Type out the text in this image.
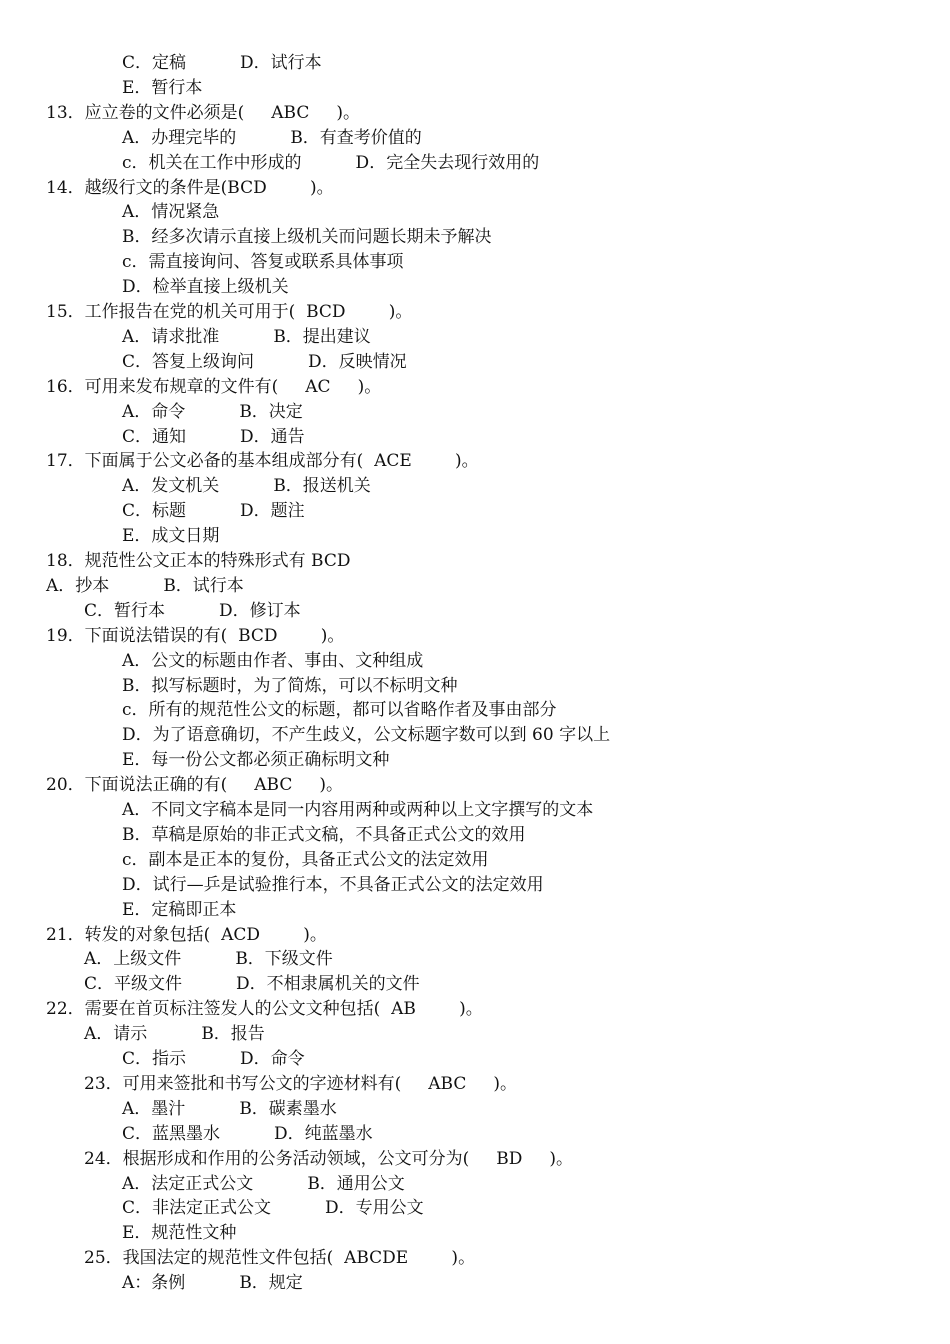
C．定稿          D．试行本
E．暂行本
13．应立卷的文件必须是(     ABC     )。
A．办理完毕的          B．有查考价值的
c．机关在工作中形成的          D．完全失去现行效用的
14．越级行文的条件是(BCD        )。
A．情况紧急
B．经多次请示直接上级机关而问题长期未予解决
c．需直接询问、答复或联系具体事项
D．检举直接上级机关
15．工作报告在党的机关可用于(  BCD        )。
A．请求批准          B．提出建议
C．答复上级询问          D．反映情况
16．可用来发布规章的文件有(     AC     )。
A．命令          B．决定
C．通知          D．通告
17．下面属于公文必备的基本组成部分有(  ACE        )。
A．发文机关          B．报送机关
C．标题          D．题注
E．成文日期
18．规范性公文正本的特殊形式有 BCD
A．抄本          B．试行本
C．暂行本          D．修订本
19．下面说法错误的有(  BCD        )。
A．公文的标题由作者、事由、文种组成
B．拟写标题时，为了简炼，可以不标明文种
c．所有的规范性公文的标题，都可以省略作者及事由部分
D．为了语意确切，不产生歧义，公文标题字数可以到 60 字以上
E．每一份公文都必须正确标明文种
20．下面说法正确的有(     ABC     )。
A．不同文字稿本是同一内容用两种或两种以上文字撰写的文本
B．草稿是原始的非正式文稿，不具备正式公文的效用
c．副本是正本的复份，具备正式公文的法定效用
D．试行—乒是试验推行本，不具备正式公文的法定效用
E．定稿即正本
21．转发的对象包括(  ACD        )。
A．上级文件          B．下级文件
C．平级文件          D．不相隶属机关的文件
22．需要在首页标注签发人的公文文种包括(  AB        )。
A．请示          B．报告
C．指示          D．命令
23．可用来签批和书写公文的字迹材料有(     ABC     )。
A．墨汁          B．碳素墨水
C．蓝黑墨水          D．纯蓝墨水
24．根据形成和作用的公务活动领域，公文可分为(     BD     )。
A．法定正式公文          B．通用公文
C．非法定正式公文          D．专用公文
E．规范性文种
25．我国法定的规范性文件包括(  ABCDE        )。
A：条例          B．规定
